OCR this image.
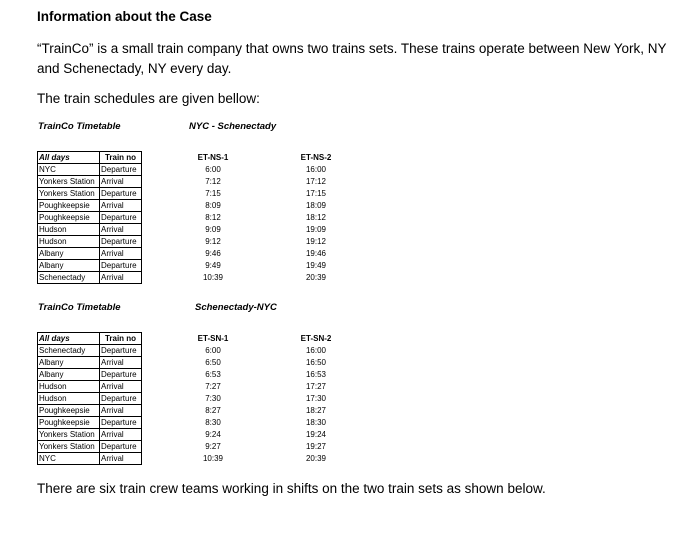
Information about the Case
“TrainCo” is a small train company that owns two trains sets. These trains operate between New York, NY and Schenectady, NY every day.
The train schedules are given bellow:
TrainCo Timetable	NYC - Schenectady
All days	Train no		ET-NS-1		ET-NS-2
NYC	Departure		6:00		16:00
Yonkers Station	Arrival		7:12		17:12
Yonkers Station	Departure		7:15		17:15
Poughkeepsie	Arrival		8:09		18:09
Poughkeepsie	Departure		8:12		18:12
Hudson	Arrival		9:09		19:09
Hudson	Departure		9:12		19:12
Albany	Arrival		9:46		19:46
Albany	Departure		9:49		19:49
Schenectady	Arrival		10:39		20:39
TrainCo Timetable	Schenectady-NYC
All days	Train no		ET-SN-1		ET-SN-2
Schenectady	Departure		6:00		16:00
Albany	Arrival		6:50		16:50
Albany	Departure		6:53		16:53
Hudson	Arrival		7:27		17:27
Hudson	Departure		7:30		17:30
Poughkeepsie	Arrival		8:27		18:27
Poughkeepsie	Departure		8:30		18:30
Yonkers Station	Arrival		9:24		19:24
Yonkers Station	Departure		9:27		19:27
NYC	Arrival		10:39		20:39
There are six train crew teams working in shifts on the two train sets as shown below.
